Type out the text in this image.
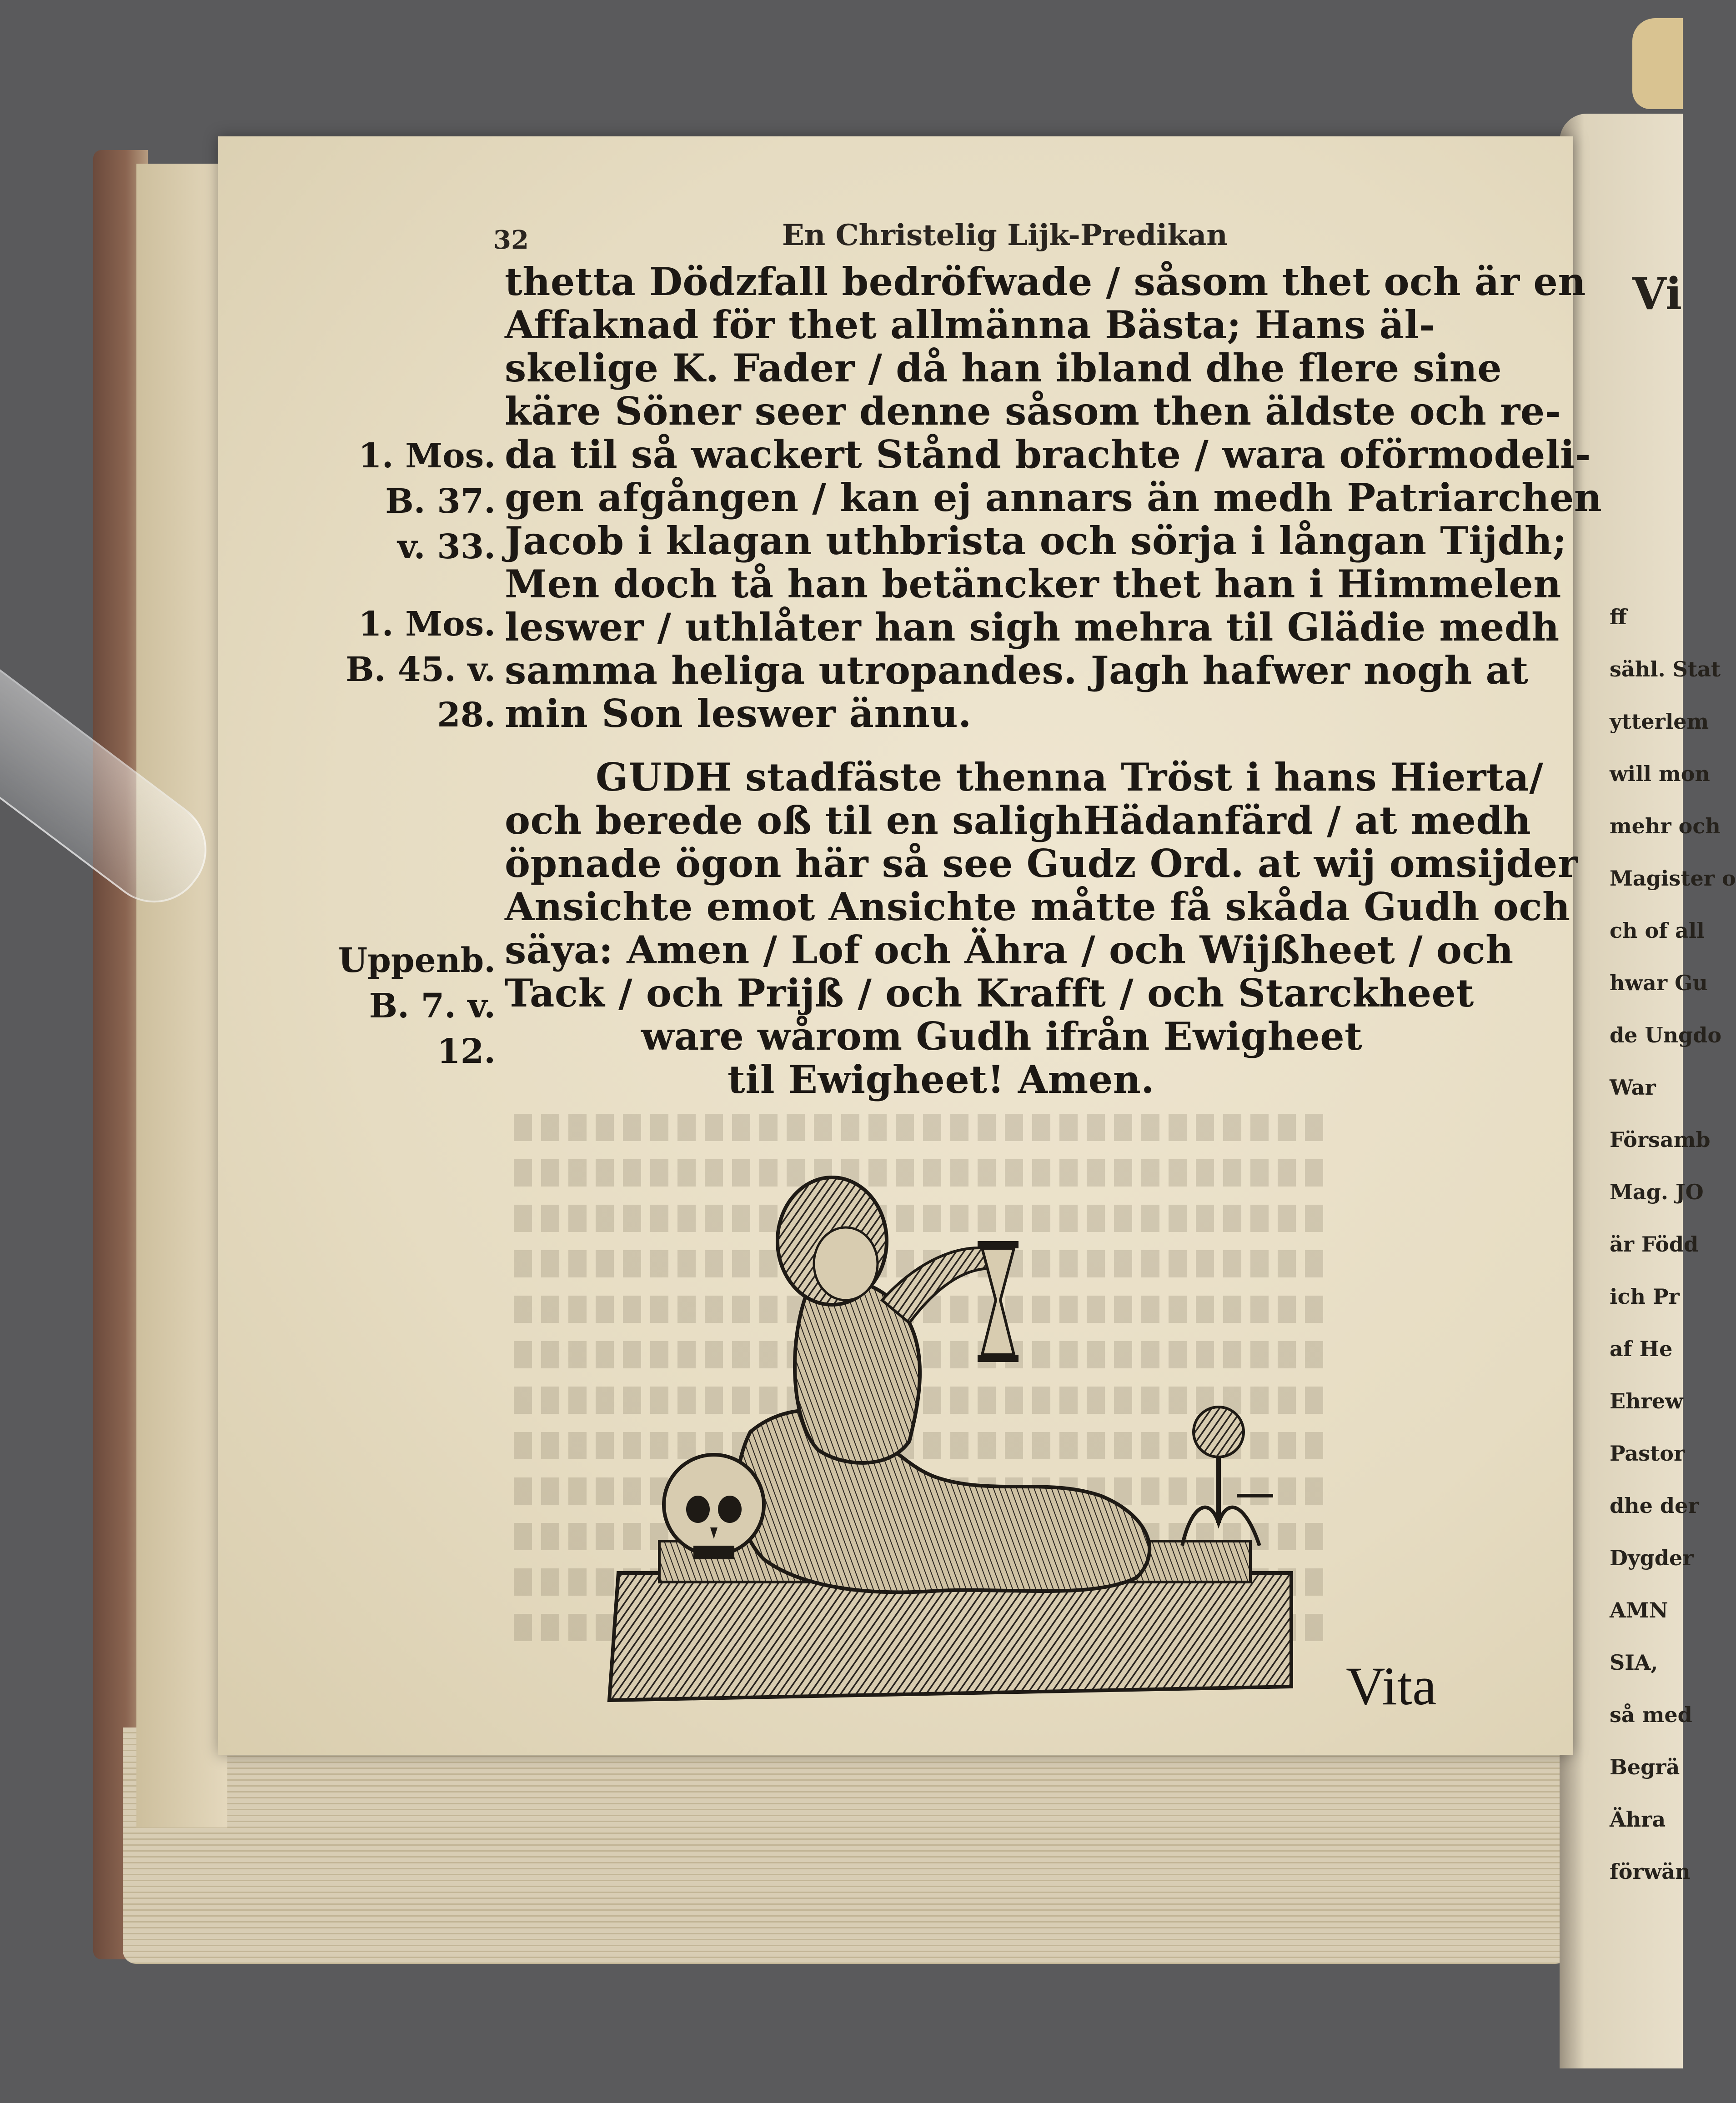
Vi
ff
sähl. Stat
ytterlem
will mon
mehr och
Magister o
ch of all
hwar Gu
de Ungdo
War
Församb
Mag. JO
är Född
ich Pr
af He
Ehrew
Pastor
dhe der
Dygder
AMN
SIA,
så med
Begrä
Ähra
förwän
32	En Christelig Lijk-Predikan
thetta Dödzfall bedröfwade / såsom thet och är en
Affaknad för thet allmänna Bästa; Hans äl-
skelige K. Fader / då han ibland dhe flere sine
käre Söner seer denne såsom then äldste och re-
da til så wackert Stånd brachte / wara oförmodeli-
gen afgången / kan ej annars än medh Patriarchen
Jacob i klagan uthbrista och sörja i långan Tijdh;
Men doch tå han betäncker thet han i Himmelen
leswer / uthlåter han sigh mehra til Glädie medh
samma heliga utropandes. Jagh hafwer nogh at
min Son leswer ännu.
GUDH stadfäste thenna Tröst i hans Hierta/
och berede oß til en salighHädanfärd / at medh
öpnade ögon här så see Gudz Ord. at wij omsijder
Ansichte emot Ansichte måtte få skåda Gudh och
säya: Amen / Lof och Ähra / och Wijßheet / och
Tack / och Prijß / och Krafft / och Starckheet
ware wårom Gudh ifrån Ewigheet
til Ewigheet! Amen.
1. Mos.
B. 37.
v. 33.
1. Mos.
B. 45. v.
28.
Uppenb.
B. 7. v.
12.
Vita
